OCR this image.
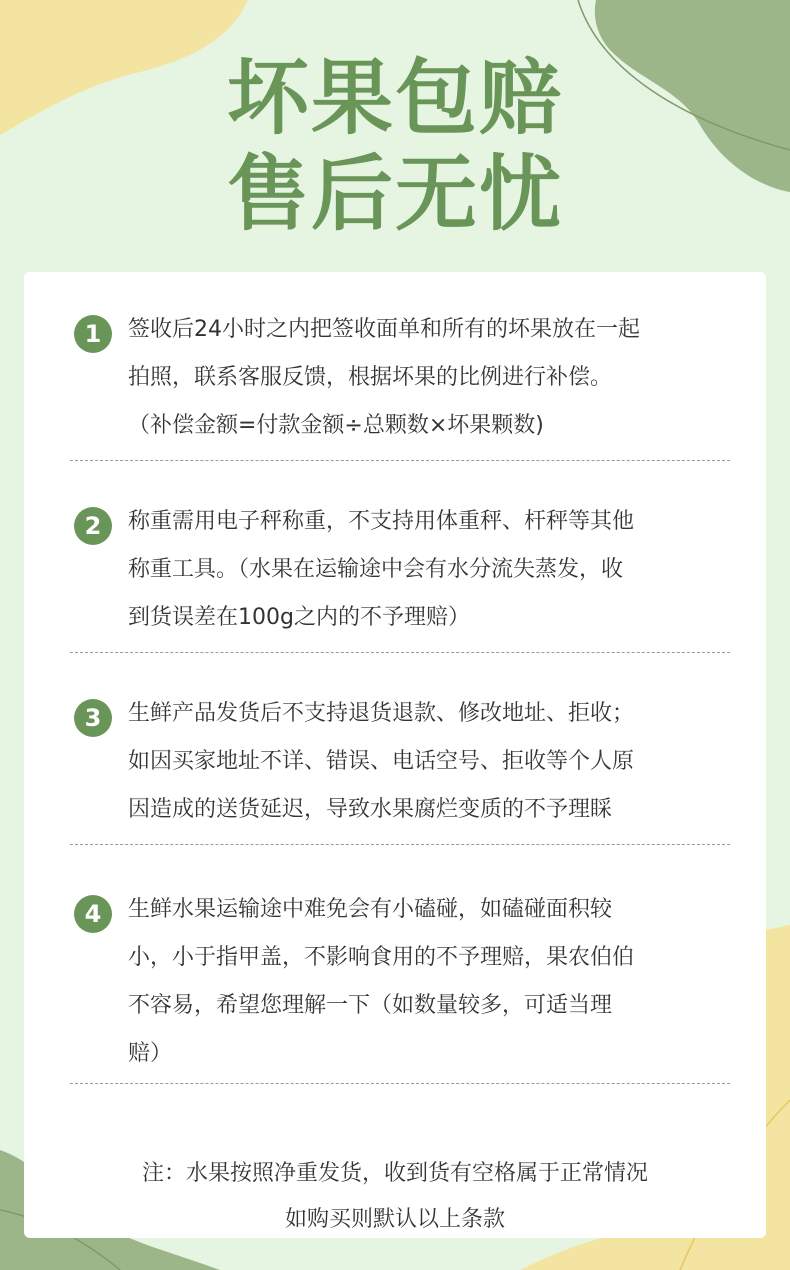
坏果包赔
售后无忧
1	签收后24小时之内把签收面单和所有的坏果放在一起
拍照，联系客服反馈，根据坏果的比例进行补偿。
（补偿金额=付款金额÷总颗数×坏果颗数)
2	称重需用电子秤称重，不支持用体重秤、杆秤等其他
称重工具。（水果在运输途中会有水分流失蒸发，收
到货误差在100g之内的不予理赔）
3	生鲜产品发货后不支持退货退款、修改地址、拒收；
如因买家地址不详、错误、电话空号、拒收等个人原
因造成的送货延迟，导致水果腐烂变质的不予理睬
4	生鲜水果运输途中难免会有小磕碰，如磕碰面积较
小，小于指甲盖，不影响食用的不予理赔，果农伯伯
不容易，希望您理解一下（如数量较多，可适当理
赔）
注：水果按照净重发货，收到货有空格属于正常情况
如购买则默认以上条款
